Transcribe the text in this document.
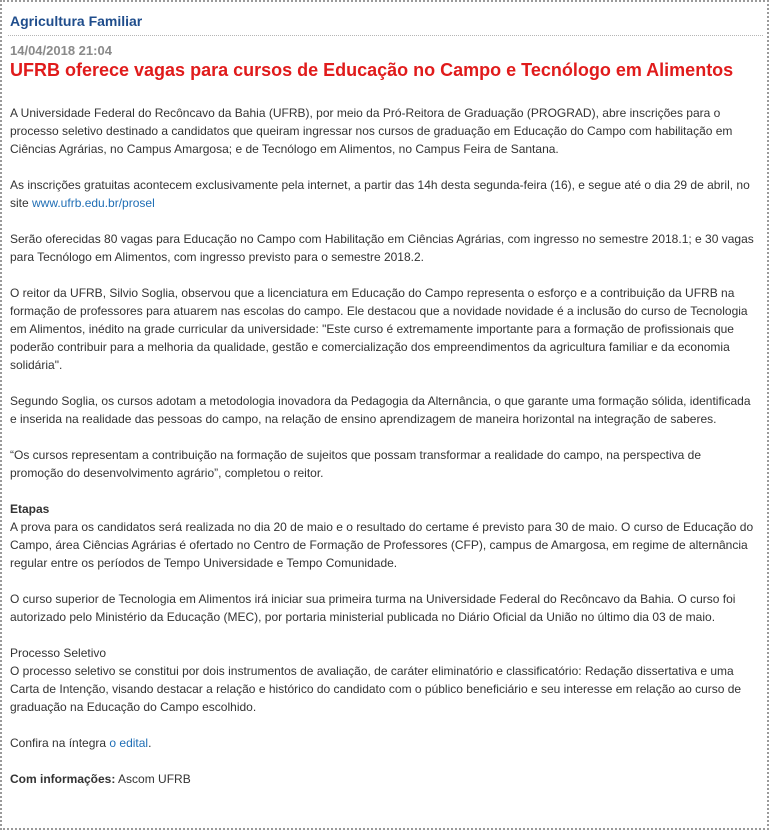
Agricultura Familiar
14/04/2018 21:04
UFRB oferece vagas para cursos de Educação no Campo e Tecnólogo em Alimentos

A Universidade Federal do Recôncavo da Bahia (UFRB), por meio da Pró-Reitora de Graduação (PROGRAD), abre inscrições para o processo seletivo destinado a candidatos que queiram ingressar nos cursos de graduação em Educação do Campo com habilitação em Ciências Agrárias, no Campus Amargosa; e de Tecnólogo em Alimentos, no Campus Feira de Santana.

As inscrições gratuitas acontecem exclusivamente pela internet, a partir das 14h desta segunda-feira (16), e segue até o dia 29 de abril, no site www.ufrb.edu.br/prosel

Serão oferecidas 80 vagas para Educação no Campo com Habilitação em Ciências Agrárias, com ingresso no semestre 2018.1; e 30 vagas para Tecnólogo em Alimentos, com ingresso previsto para o semestre 2018.2.

O reitor da UFRB, Silvio Soglia, observou que a licenciatura em Educação do Campo representa o esforço e a contribuição da UFRB na formação de professores para atuarem nas escolas do campo. Ele destacou que a novidade novidade é a inclusão do curso de Tecnologia em Alimentos, inédito na grade curricular da universidade: "Este curso é extremamente importante para a formação de profissionais que poderão contribuir para a melhoria da qualidade, gestão e comercialização dos empreendimentos da agricultura familiar e da economia solidária".

Segundo Soglia, os cursos adotam a metodologia inovadora da Pedagogia da Alternância, o que garante uma formação sólida, identificada e inserida na realidade das pessoas do campo, na relação de ensino aprendizagem de maneira horizontal na integração de saberes.

“Os cursos representam a contribuição na formação de sujeitos que possam transformar a realidade do campo, na perspectiva de promoção do desenvolvimento agrário”, completou o reitor.

Etapas
A prova para os candidatos será realizada no dia 20 de maio e o resultado do certame é previsto para 30 de maio. O curso de Educação do Campo, área Ciências Agrárias é ofertado no Centro de Formação de Professores (CFP), campus de Amargosa, em regime de alternância regular entre os períodos de Tempo Universidade e Tempo Comunidade.

O curso superior de Tecnologia em Alimentos irá iniciar sua primeira turma na Universidade Federal do Recôncavo da Bahia. O curso foi autorizado pelo Ministério da Educação (MEC), por portaria ministerial publicada no Diário Oficial da União no último dia 03 de maio.

Processo Seletivo
O processo seletivo se constitui por dois instrumentos de avaliação, de caráter eliminatório e classificatório: Redação dissertativa e uma Carta de Intenção, visando destacar a relação e histórico do candidato com o público beneficiário e seu interesse em relação ao curso de graduação na Educação do Campo escolhido.

Confira na íntegra o edital.

Com informações: Ascom UFRB
